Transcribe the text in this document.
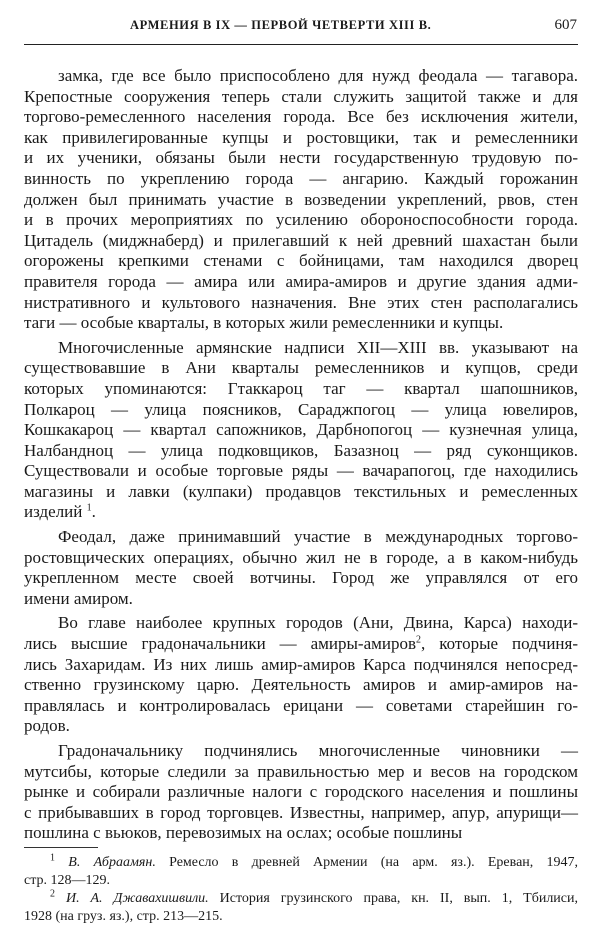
АРМЕНИЯ В IX — ПЕРВОЙ ЧЕТВЕРТИ XIII В.	607
замка, где все было приспособлено для нужд феодала — тагавора.
Крепостные сооружения теперь стали служить защитой также и для
торгово-ремесленного населения города. Все без исключения жители,
как привилегированные купцы и ростовщики, так и ремесленники
и их ученики, обязаны были нести государственную трудовую по-
винность по укреплению города — ангарию. Каждый горожанин
должен был принимать участие в возведении укреплений, рвов, стен
и в прочих мероприятиях по усилению обороноспособности города.
Цитадель (миджнаберд) и прилегавший к ней древний шахастан были
огорожены крепкими стенами с бойницами, там находился дворец
правителя города — амира или амира-амиров и другие здания адми-
нистративного и культового назначения. Вне этих стен располагались
таги — особые кварталы, в которых жили ремесленники и купцы.
Многочисленные армянские надписи XII—XIII вв. указывают на
существовавшие в Ани кварталы ремесленников и купцов, среди
которых упоминаются: Гтаккароц таг — квартал шапошников,
Полкароц — улица поясников, Сараджпогоц — улица ювелиров,
Кошкакароц — квартал сапожников, Дарбнопогоц — кузнечная улица,
Налбандноц — улица подковщиков, Базазноц — ряд суконщиков.
Существовали и особые торговые ряды — вачарапогоц, где находились
магазины и лавки (кулпаки) продавцов текстильных и ремесленных
изделий $^1$.
Феодал, даже принимавший участие в международных торгово-
ростовщических операциях, обычно жил не в городе, а в каком-нибудь
укрепленном месте своей вотчины. Город же управлялся от его
имени амиром.
Во главе наиболее крупных городов (Ани, Двина, Карса) находи-
лись высшие градоначальники — амиры-амиров$^2$, которые подчиня-
лись Захаридам. Из них лишь амир-амиров Карса подчинялся непосред-
ственно грузинскому царю. Деятельность амиров и амир-амиров на-
правлялась и контролировалась ерицани — советами старейшин го-
родов.
Градоначальнику подчинялись многочисленные чиновники —
мутсибы, которые следили за правильностью мер и весов на городском
рынке и собирали различные налоги с городского населения и пошлины
с прибывавших в город торговцев. Известны, например, апур, апурищи—
пошлина с вьюков, перевозимых на ослах; особые пошлины
$^1$ В. Абраамян. Ремесло в древней Армении (на арм. яз.). Ереван, 1947,
стр. 128—129.
$^2$ И. А. Джавахишвили. История грузинского права, кн. II, вып. 1, Тбилиси,
1928 (на груз. яз.), стр. 213—215.
